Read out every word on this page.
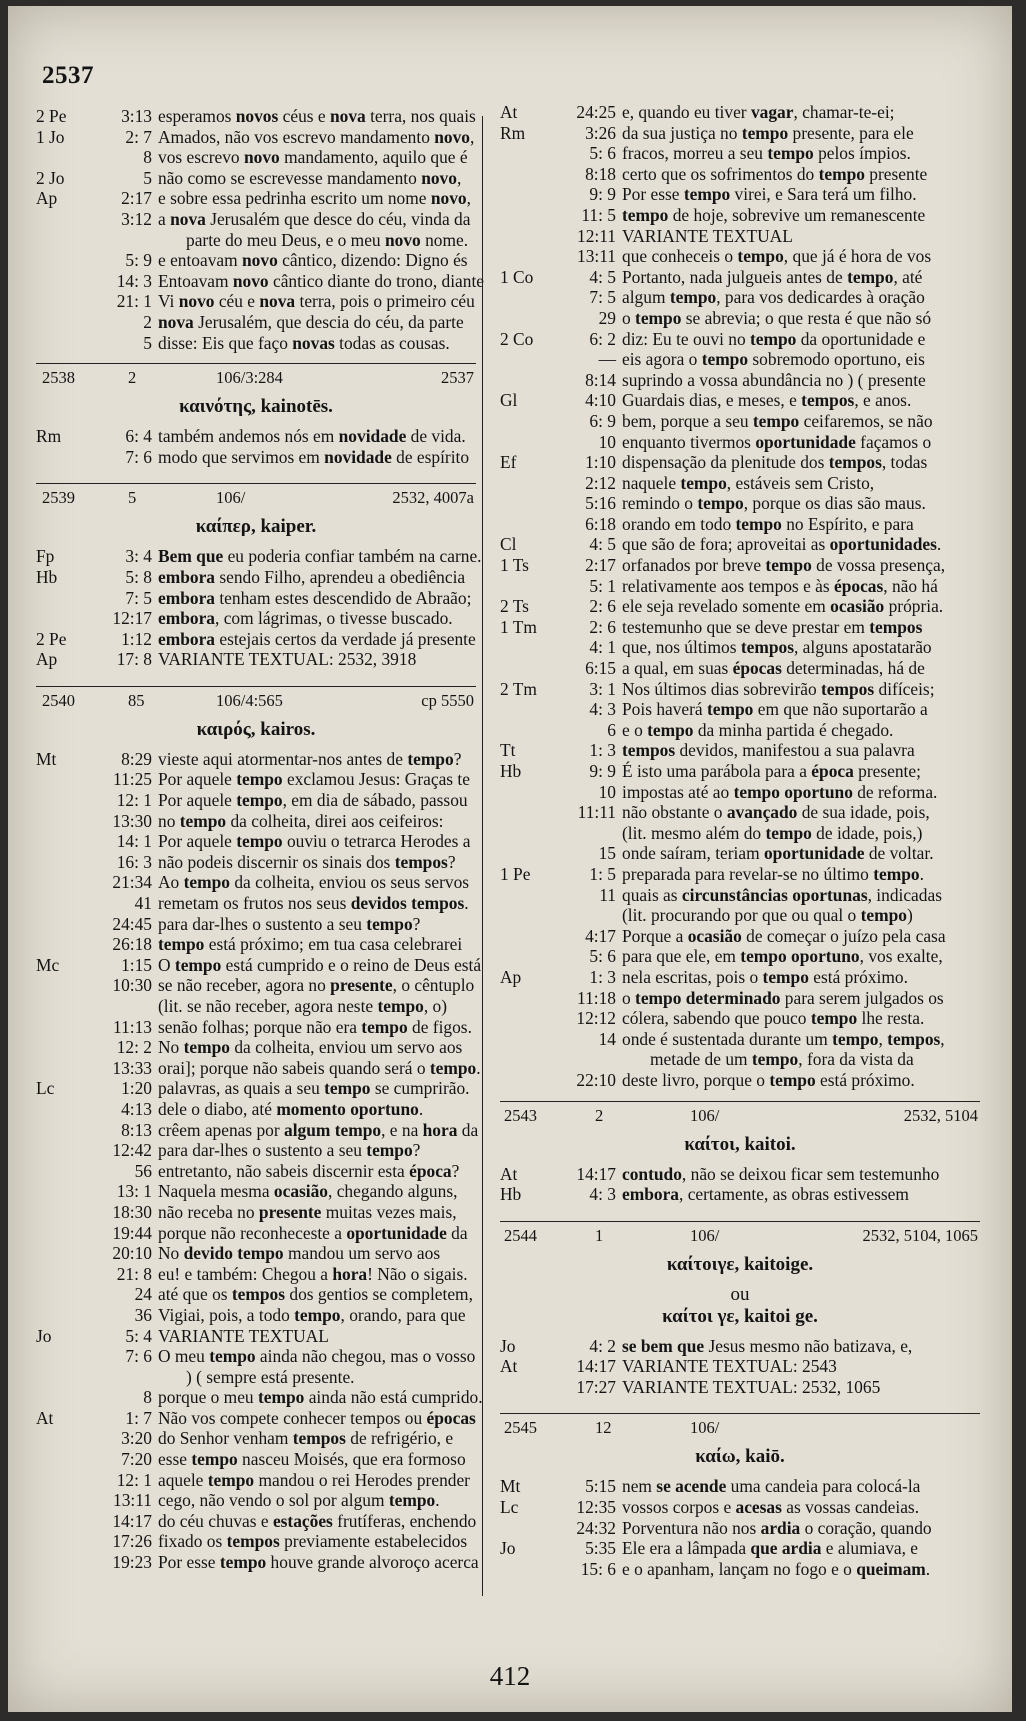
2537
2 Pe	3:13 esperamos novos céus e nova terra, nos quais
1 Jo	2: 7 Amados, não vos escrevo mandamento novo,
8 vos escrevo novo mandamento, aquilo que é
2 Jo	5 não como se escrevesse mandamento novo,
Ap	2:17 e sobre essa pedrinha escrito um nome novo,
3:12 a nova Jerusalém que desce do céu, vinda da
parte do meu Deus, e o meu novo nome.
5: 9 e entoavam novo cântico, dizendo: Digno és
14: 3 Entoavam novo cântico diante do trono, diante
21: 1 Vi novo céu e nova terra, pois o primeiro céu
2 nova Jerusalém, que descia do céu, da parte
5 disse: Eis que faço novas todas as cousas.
2538	2	106/3:284	2537
καινότης, kainotēs.
Rm	6: 4 também andemos nós em novidade de vida.
7: 6 modo que servimos em novidade de espírito
2539	5	106/	2532, 4007a
καίπερ, kaiper.
Fp	3: 4 Bem que eu poderia confiar também na carne.
Hb	5: 8 embora sendo Filho, aprendeu a obediência
7: 5 embora tenham estes descendido de Abraão;
12:17 embora, com lágrimas, o tivesse buscado.
2 Pe	1:12 embora estejais certos da verdade já presente
Ap	17: 8 VARIANTE TEXTUAL: 2532, 3918
2540	85	106/4:565	cp 5550
καιρός, kairos.
Mt	8:29 vieste aqui atormentar-nos antes de tempo?
11:25 Por aquele tempo exclamou Jesus: Graças te
12: 1 Por aquele tempo, em dia de sábado, passou
13:30 no tempo da colheita, direi aos ceifeiros:
14: 1 Por aquele tempo ouviu o tetrarca Herodes a
16: 3 não podeis discernir os sinais dos tempos?
21:34 Ao tempo da colheita, enviou os seus servos
41 remetam os frutos nos seus devidos tempos.
24:45 para dar-lhes o sustento a seu tempo?
26:18 tempo está próximo; em tua casa celebrarei
Mc	1:15 O tempo está cumprido e o reino de Deus está
10:30 se não receber, agora no presente, o cêntuplo
(lit. se não receber, agora neste tempo, o)
11:13 senão folhas; porque não era tempo de figos.
12: 2 No tempo da colheita, enviou um servo aos
13:33 orai]; porque não sabeis quando será o tempo.
Lc	1:20 palavras, as quais a seu tempo se cumprirão.
4:13 dele o diabo, até momento oportuno.
8:13 crêem apenas por algum tempo, e na hora da
12:42 para dar-lhes o sustento a seu tempo?
56 entretanto, não sabeis discernir esta época?
13: 1 Naquela mesma ocasião, chegando alguns,
18:30 não receba no presente muitas vezes mais,
19:44 porque não reconheceste a oportunidade da
20:10 No devido tempo mandou um servo aos
21: 8 eu! e também: Chegou a hora! Não o sigais.
24 até que os tempos dos gentios se completem,
36 Vigiai, pois, a todo tempo, orando, para que
Jo	5: 4 VARIANTE TEXTUAL
7: 6 O meu tempo ainda não chegou, mas o vosso
) ( sempre está presente.
8 porque o meu tempo ainda não está cumprido.
At	1: 7 Não vos compete conhecer tempos ou épocas
3:20 do Senhor venham tempos de refrigério, e
7:20 esse tempo nasceu Moisés, que era formoso
12: 1 aquele tempo mandou o rei Herodes prender
13:11 cego, não vendo o sol por algum tempo.
14:17 do céu chuvas e estações frutíferas, enchendo
17:26 fixado os tempos previamente estabelecidos
19:23 Por esse tempo houve grande alvoroço acerca
At	24:25 e, quando eu tiver vagar, chamar-te-ei;
Rm	3:26 da sua justiça no tempo presente, para ele
5: 6 fracos, morreu a seu tempo pelos ímpios.
8:18 certo que os sofrimentos do tempo presente
9: 9 Por esse tempo virei, e Sara terá um filho.
11: 5 tempo de hoje, sobrevive um remanescente
12:11 VARIANTE TEXTUAL
13:11 que conheceis o tempo, que já é hora de vos
1 Co	4: 5 Portanto, nada julgueis antes de tempo, até
7: 5 algum tempo, para vos dedicardes à oração
29 o tempo se abrevia; o que resta é que não só
2 Co	6: 2 diz: Eu te ouvi no tempo da oportunidade e
— eis agora o tempo sobremodo oportuno, eis
8:14 suprindo a vossa abundância no ) ( presente
Gl	4:10 Guardais dias, e meses, e tempos, e anos.
6: 9 bem, porque a seu tempo ceifaremos, se não
10 enquanto tivermos oportunidade façamos o
Ef	1:10 dispensação da plenitude dos tempos, todas
2:12 naquele tempo, estáveis sem Cristo,
5:16 remindo o tempo, porque os dias são maus.
6:18 orando em todo tempo no Espírito, e para
Cl	4: 5 que são de fora; aproveitai as oportunidades.
1 Ts	2:17 orfanados por breve tempo de vossa presença,
5: 1 relativamente aos tempos e às épocas, não há
2 Ts	2: 6 ele seja revelado somente em ocasião própria.
1 Tm	2: 6 testemunho que se deve prestar em tempos
4: 1 que, nos últimos tempos, alguns apostatarão
6:15 a qual, em suas épocas determinadas, há de
2 Tm	3: 1 Nos últimos dias sobrevirão tempos difíceis;
4: 3 Pois haverá tempo em que não suportarão a
6 e o tempo da minha partida é chegado.
Tt	1: 3 tempos devidos, manifestou a sua palavra
Hb	9: 9 É isto uma parábola para a época presente;
10 impostas até ao tempo oportuno de reforma.
11:11 não obstante o avançado de sua idade, pois,
(lit. mesmo além do tempo de idade, pois,)
15 onde saíram, teriam oportunidade de voltar.
1 Pe	1: 5 preparada para revelar-se no último tempo.
11 quais as circunstâncias oportunas, indicadas
(lit. procurando por que ou qual o tempo)
4:17 Porque a ocasião de começar o juízo pela casa
5: 6 para que ele, em tempo oportuno, vos exalte,
Ap	1: 3 nela escritas, pois o tempo está próximo.
11:18 o tempo determinado para serem julgados os
12:12 cólera, sabendo que pouco tempo lhe resta.
14 onde é sustentada durante um tempo, tempos,
metade de um tempo, fora da vista da
22:10 deste livro, porque o tempo está próximo.
2543	2	106/	2532, 5104
καίτοι, kaitoi.
At	14:17 contudo, não se deixou ficar sem testemunho
Hb	4: 3 embora, certamente, as obras estivessem
2544	1	106/	2532, 5104, 1065
καίτοιγε, kaitoige.
ou
καίτοι γε, kaitoi ge.
Jo	4: 2 se bem que Jesus mesmo não batizava, e,
At	14:17 VARIANTE TEXTUAL: 2543
17:27 VARIANTE TEXTUAL: 2532, 1065
2545	12	106/
καίω, kaiō.
Mt	5:15 nem se acende uma candeia para colocá-la
Lc	12:35 vossos corpos e acesas as vossas candeias.
24:32 Porventura não nos ardia o coração, quando
Jo	5:35 Ele era a lâmpada que ardia e alumiava, e
15: 6 e o apanham, lançam no fogo e o queimam.
412
